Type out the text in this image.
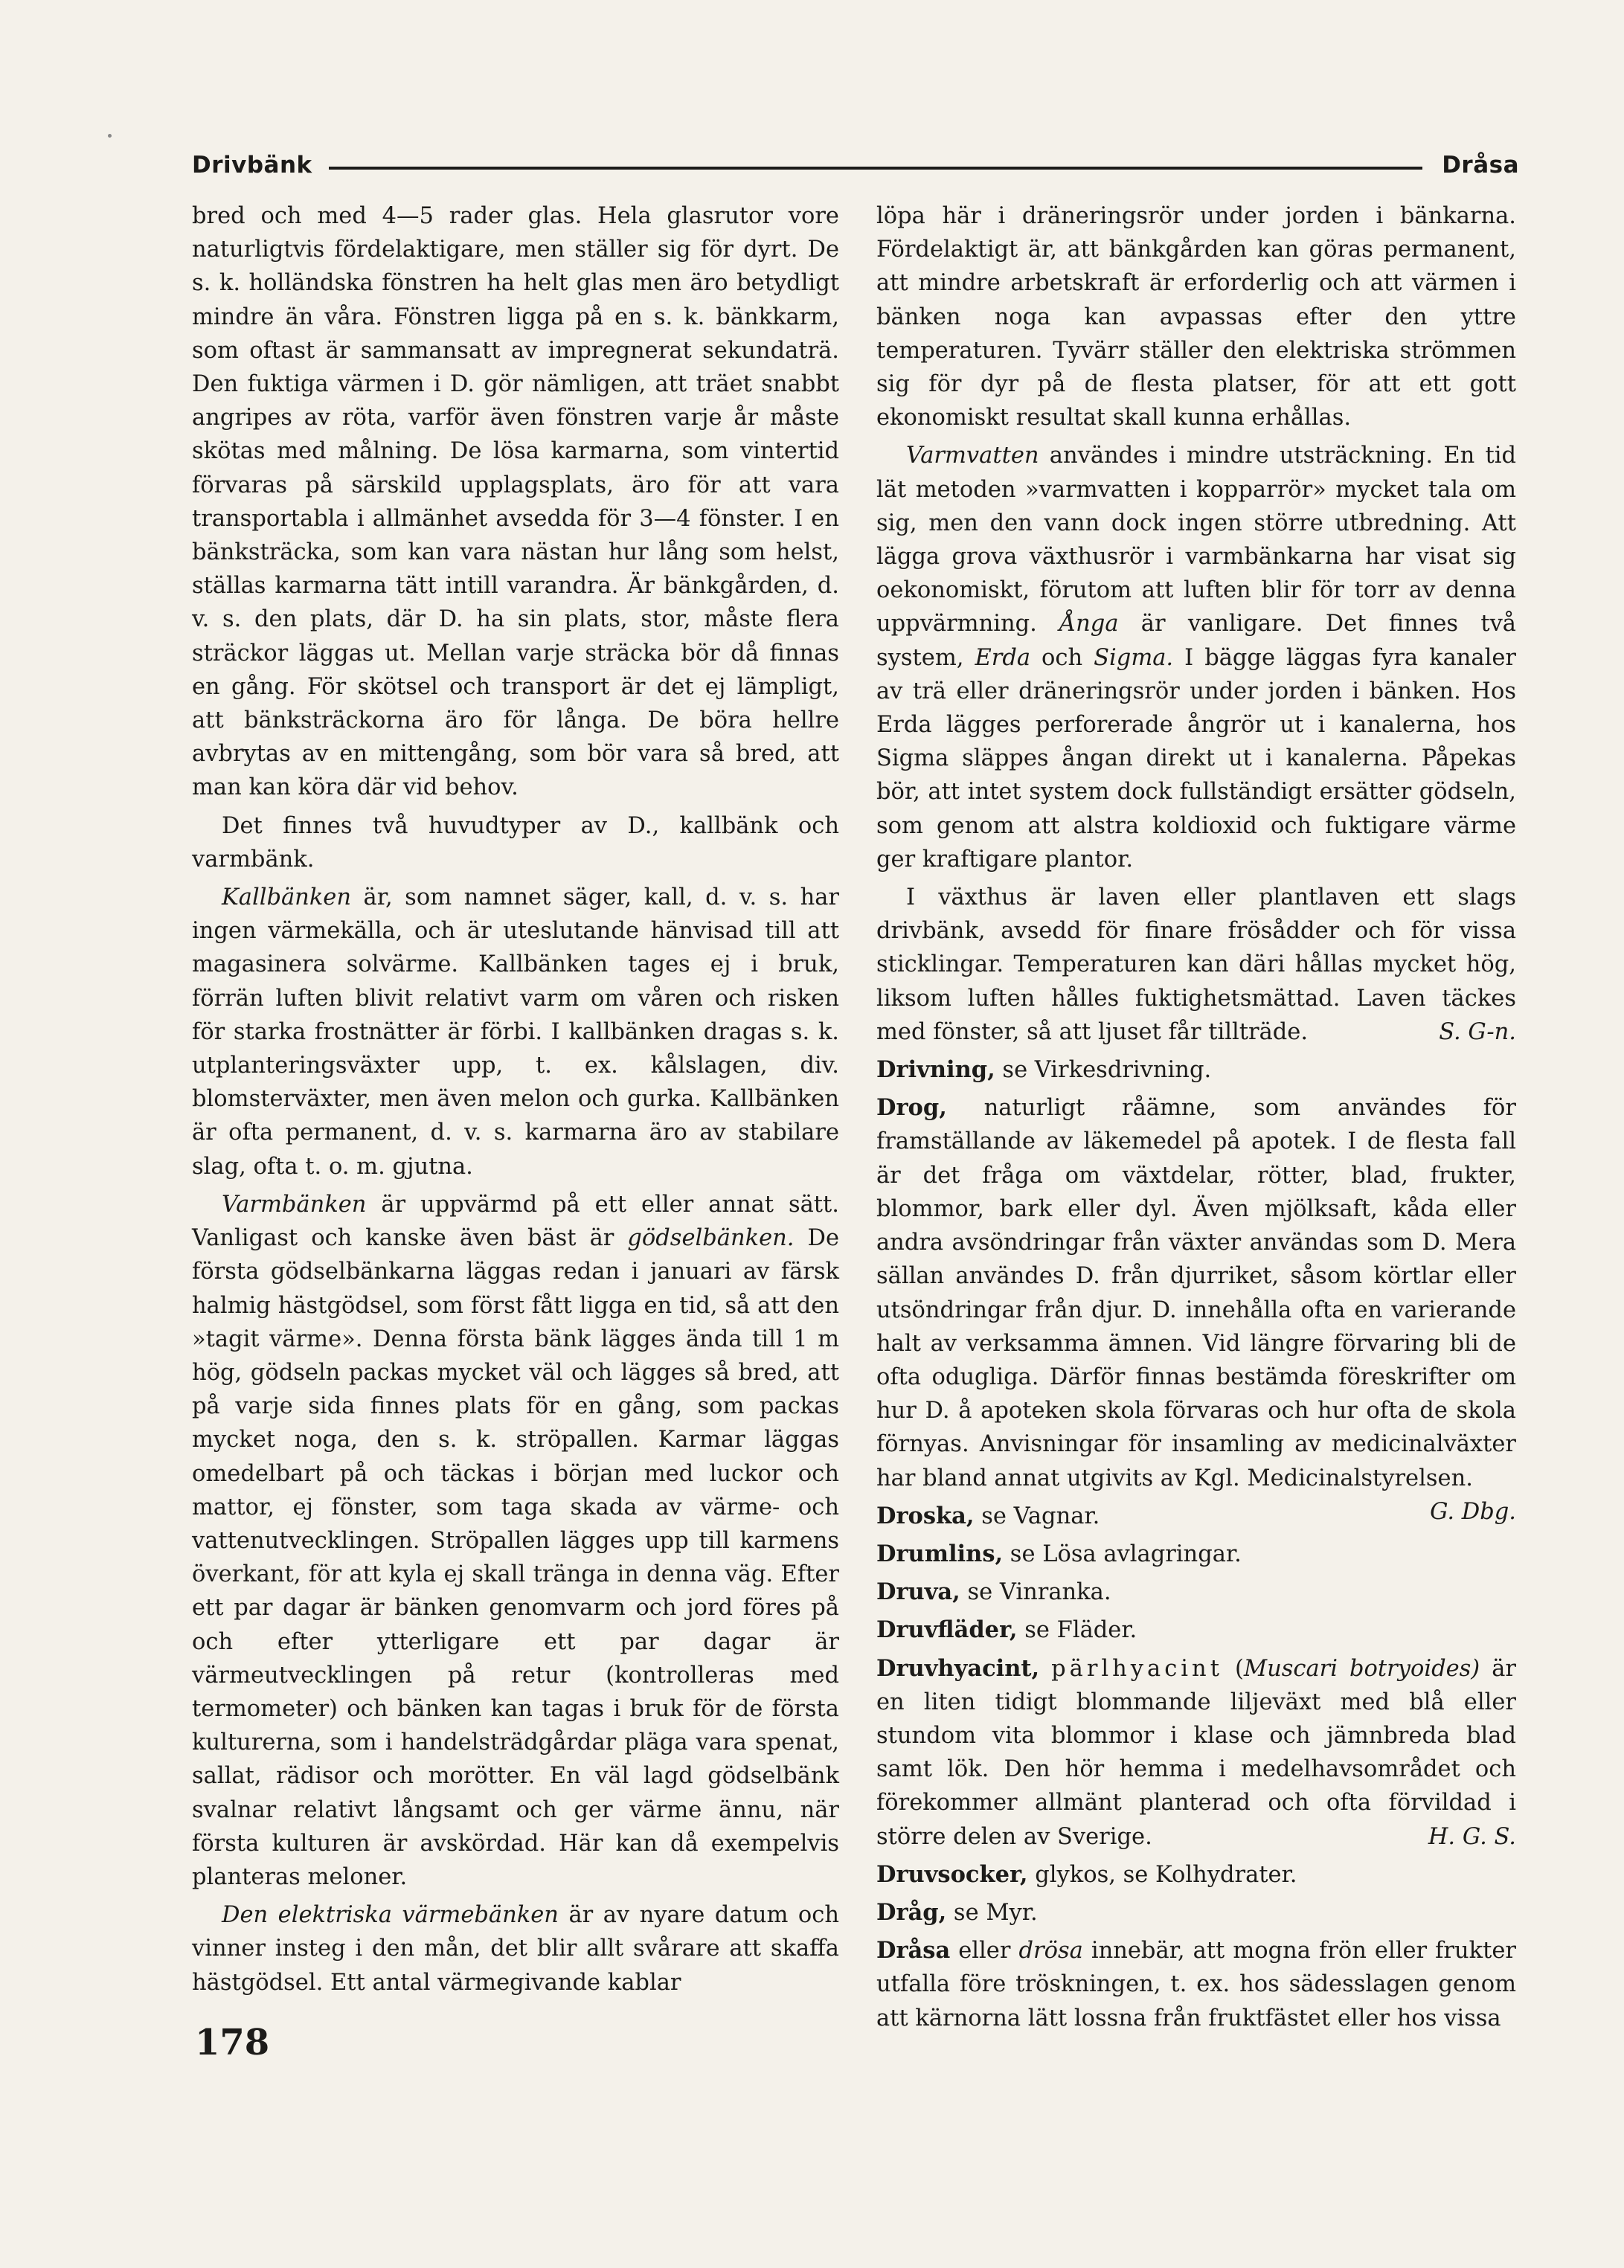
Drivbänk	Dråsa

bred och med 4—5 rader glas. Hela glasrutor vore naturligtvis fördelaktigare, men ställer sig för dyrt. De s. k. holländska fönstren ha helt glas men äro betydligt mindre än våra. Fönstren ligga på en s. k. bänkkarm, som oftast är sammansatt av impregnerat sekundaträ. Den fuktiga värmen i D. gör nämligen, att träet snabbt angripes av röta, varför även fönstren varje år måste skötas med målning. De lösa karmarna, som vintertid förvaras på särskild upplagsplats, äro för att vara transportabla i allmänhet avsedda för 3—4 fönster. I en bänksträcka, som kan vara nästan hur lång som helst, ställas karmarna tätt intill varandra. Är bänkgården, d. v. s. den plats, där D. ha sin plats, stor, måste flera sträckor läggas ut. Mellan varje sträcka bör då finnas en gång. För skötsel och transport är det ej lämpligt, att bänksträckorna äro för långa. De böra hellre avbrytas av en mittengång, som bör vara så bred, att man kan köra där vid behov.

Det finnes två huvudtyper av D., kallbänk och varmbänk.

Kallbänken är, som namnet säger, kall, d. v. s. har ingen värmekälla, och är uteslutande hänvisad till att magasinera solvärme. Kallbänken tages ej i bruk, förrän luften blivit relativt varm om våren och risken för starka frostnätter är förbi. I kallbänken dragas s. k. utplanteringsväxter upp, t. ex. kålslagen, div. blomsterväxter, men även melon och gurka. Kallbänken är ofta permanent, d. v. s. karmarna äro av stabilare slag, ofta t. o. m. gjutna.

Varmbänken är uppvärmd på ett eller annat sätt. Vanligast och kanske även bäst är gödselbänken. De första gödselbänkarna läggas redan i januari av färsk halmig hästgödsel, som först fått ligga en tid, så att den »tagit värme». Denna första bänk lägges ända till 1 m hög, gödseln packas mycket väl och lägges så bred, att på varje sida finnes plats för en gång, som packas mycket noga, den s. k. ströpallen. Karmar läggas omedelbart på och täckas i början med luckor och mattor, ej fönster, som taga skada av värme- och vattenutvecklingen. Ströpallen lägges upp till karmens överkant, för att kyla ej skall tränga in denna väg. Efter ett par dagar är bänken genomvarm och jord föres på och efter ytterligare ett par dagar är värmeutvecklingen på retur (kontrolleras med termometer) och bänken kan tagas i bruk för de första kulturerna, som i handelsträdgårdar pläga vara spenat, sallat, rädisor och morötter. En väl lagd gödselbänk svalnar relativt långsamt och ger värme ännu, när första kulturen är avskördad. Här kan då exempelvis planteras meloner.

Den elektriska värmebänken är av nyare datum och vinner insteg i den mån, det blir allt svårare att skaffa hästgödsel. Ett antal värmegivande kablar

löpa här i dräneringsrör under jorden i bänkarna. Fördelaktigt är, att bänkgården kan göras permanent, att mindre arbetskraft är erforderlig och att värmen i bänken noga kan avpassas efter den yttre temperaturen. Tyvärr ställer den elektriska strömmen sig för dyr på de flesta platser, för att ett gott ekonomiskt resultat skall kunna erhållas.

Varmvatten användes i mindre utsträckning. En tid lät metoden »varmvatten i kopparrör» mycket tala om sig, men den vann dock ingen större utbredning. Att lägga grova växthusrör i varmbänkarna har visat sig oekonomiskt, förutom att luften blir för torr av denna uppvärmning. Ånga är vanligare. Det finnes två system, Erda och Sigma. I bägge läggas fyra kanaler av trä eller dräneringsrör under jorden i bänken. Hos Erda lägges perforerade ångrör ut i kanalerna, hos Sigma släppes ångan direkt ut i kanalerna. Påpekas bör, att intet system dock fullständigt ersätter gödseln, som genom att alstra koldioxid och fuktigare värme ger kraftigare plantor.

I växthus är laven eller plantlaven ett slags drivbänk, avsedd för finare frösådder och för vissa sticklingar. Temperaturen kan däri hållas mycket hög, liksom luften hålles fuktighetsmättad. Laven täckes med fönster, så att ljuset får tillträde.	S. G-n.

Drivning, se Virkesdrivning.

Drog, naturligt råämne, som användes för framställande av läkemedel på apotek. I de flesta fall är det fråga om växtdelar, rötter, blad, frukter, blommor, bark eller dyl. Även mjölksaft, kåda eller andra avsöndringar från växter användas som D. Mera sällan användes D. från djurriket, såsom körtlar eller utsöndringar från djur. D. innehålla ofta en varierande halt av verksamma ämnen. Vid längre förvaring bli de ofta odugliga. Därför finnas bestämda föreskrifter om hur D. å apoteken skola förvaras och hur ofta de skola förnyas. Anvisningar för insamling av medicinalväxter har bland annat utgivits av Kgl. Medicinalstyrelsen.
G. Dbg.

Droska, se Vagnar.

Drumlins, se Lösa avlagringar.

Druva, se Vinranka.

Druvfläder, se Fläder.

Druvhyacint, pärlhyacint (Muscari botryoides) är en liten tidigt blommande liljeväxt med blå eller stundom vita blommor i klase och jämnbreda blad samt lök. Den hör hemma i medelhavsområdet och förekommer allmänt planterad och ofta förvildad i större delen av Sverige.	H. G. S.

Druvsocker, glykos, se Kolhydrater.

Dråg, se Myr.

Dråsa eller drösa innebär, att mogna frön eller frukter utfalla före tröskningen, t. ex. hos sädesslagen genom att kärnorna lätt lossna från fruktfästet eller hos vissa

178
